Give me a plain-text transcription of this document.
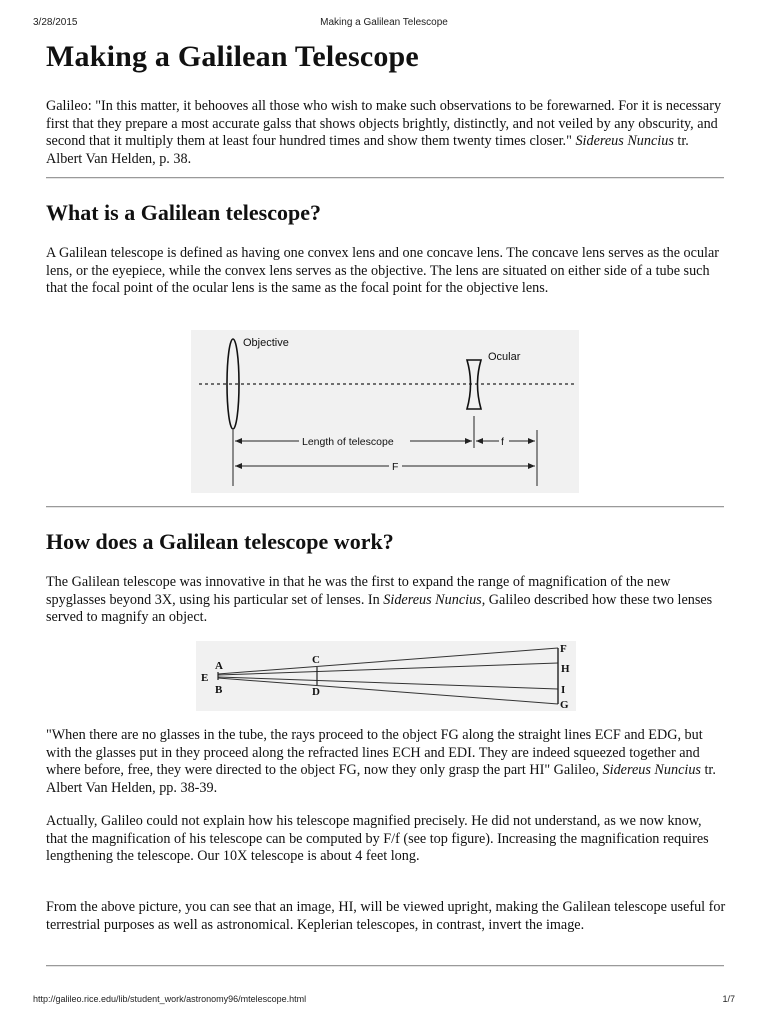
3/28/2015	Making a Galilean Telescope
Making a Galilean Telescope

Galileo: "In this matter, it behooves all those who wish to make such observations to be forewarned. For it is necessary first that they prepare a most accurate galss that shows objects brightly, distinctly, and not veiled by any obscurity, and second that it multiply them at least four hundred times and show them twenty times closer." Sidereus Nuncius tr. Albert Van Helden, p. 38.

What is a Galilean telescope?

A Galilean telescope is defined as having one convex lens and one concave lens. The concave lens serves as the ocular lens, or the eyepiece, while the convex lens serves as the objective. The lens are situated on either side of a tube such that the focal point of the ocular lens is the same as the focal point for the objective lens.

Objective
Ocular
Length of telescope	f
F
How does a Galilean telescope work?

The Galilean telescope was innovative in that he was the first to expand the range of magnification of the new spyglasses beyond 3X, using his particular set of lenses. In Sidereus Nuncius, Galileo described how these two lenses served to magnify an object.

E
A
B
C
D
F
H
I
G

"When there are no glasses in the tube, the rays proceed to the object FG along the straight lines ECF and EDG, but with the glasses put in they proceed along the refracted lines ECH and EDI. They are indeed squeezed together and where before, free, they were directed to the object FG, now they only grasp the part HI" Galileo, Sidereus Nuncius tr. Albert Van Helden, pp. 38-39.

Actually, Galileo could not explain how his telescope magnified precisely. He did not understand, as we now know, that the magnification of his telescope can be computed by F/f (see top figure). Increasing the magnification requires lengthening the telescope. Our 10X telescope is about 4 feet long.

From the above picture, you can see that an image, HI, will be viewed upright, making the Galilean telescope useful for terrestrial purposes as well as astronomical. Keplerian telescopes, in contrast, invert the image.

http://galileo.rice.edu/lib/student_work/astronomy96/mtelescope.html	1/7
